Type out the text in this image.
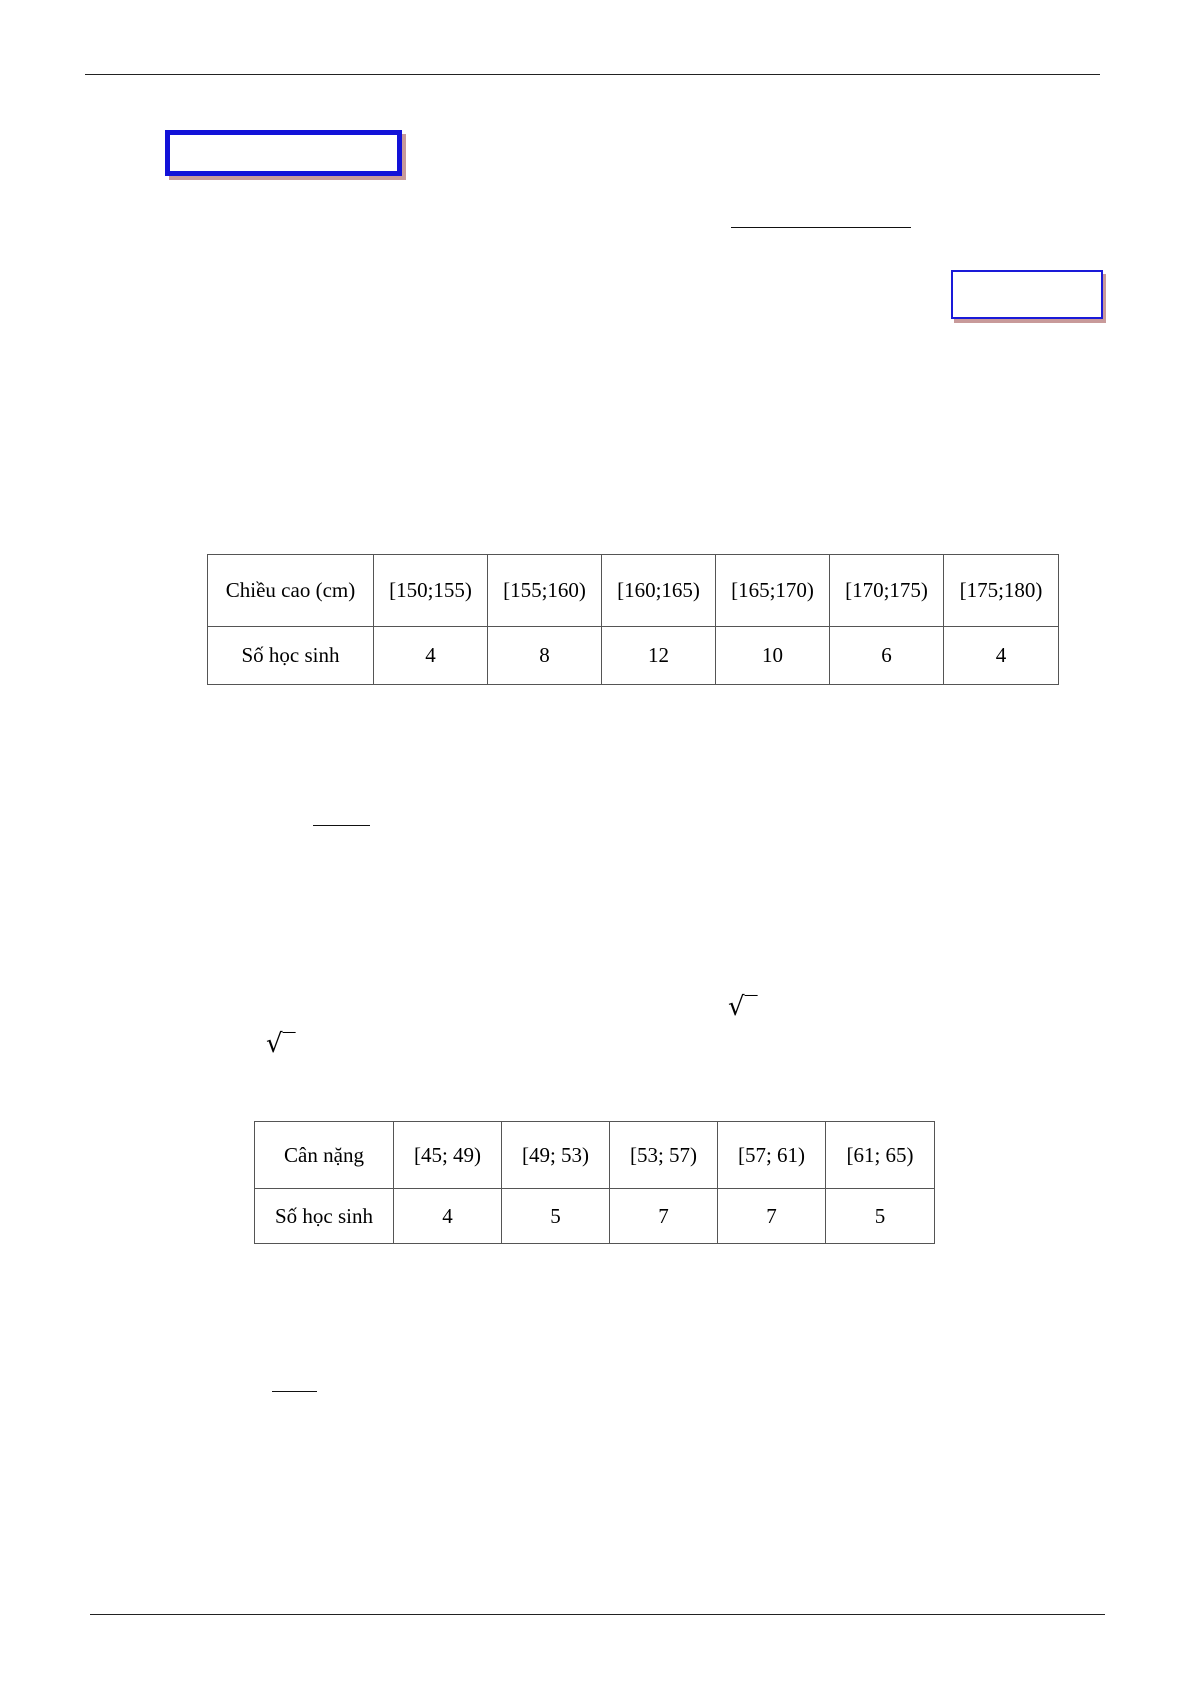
Chiều cao (cm)	[150;155)	[155;160)	[160;165)	[165;170)	[170;175)	[175;180)
Số học sinh	4	8	12	10	6	4
√‾
√‾
Cân nặng	[45; 49)	[49; 53)	[53; 57)	[57; 61)	[61; 65)
Số học sinh	4	5	7	7	5
